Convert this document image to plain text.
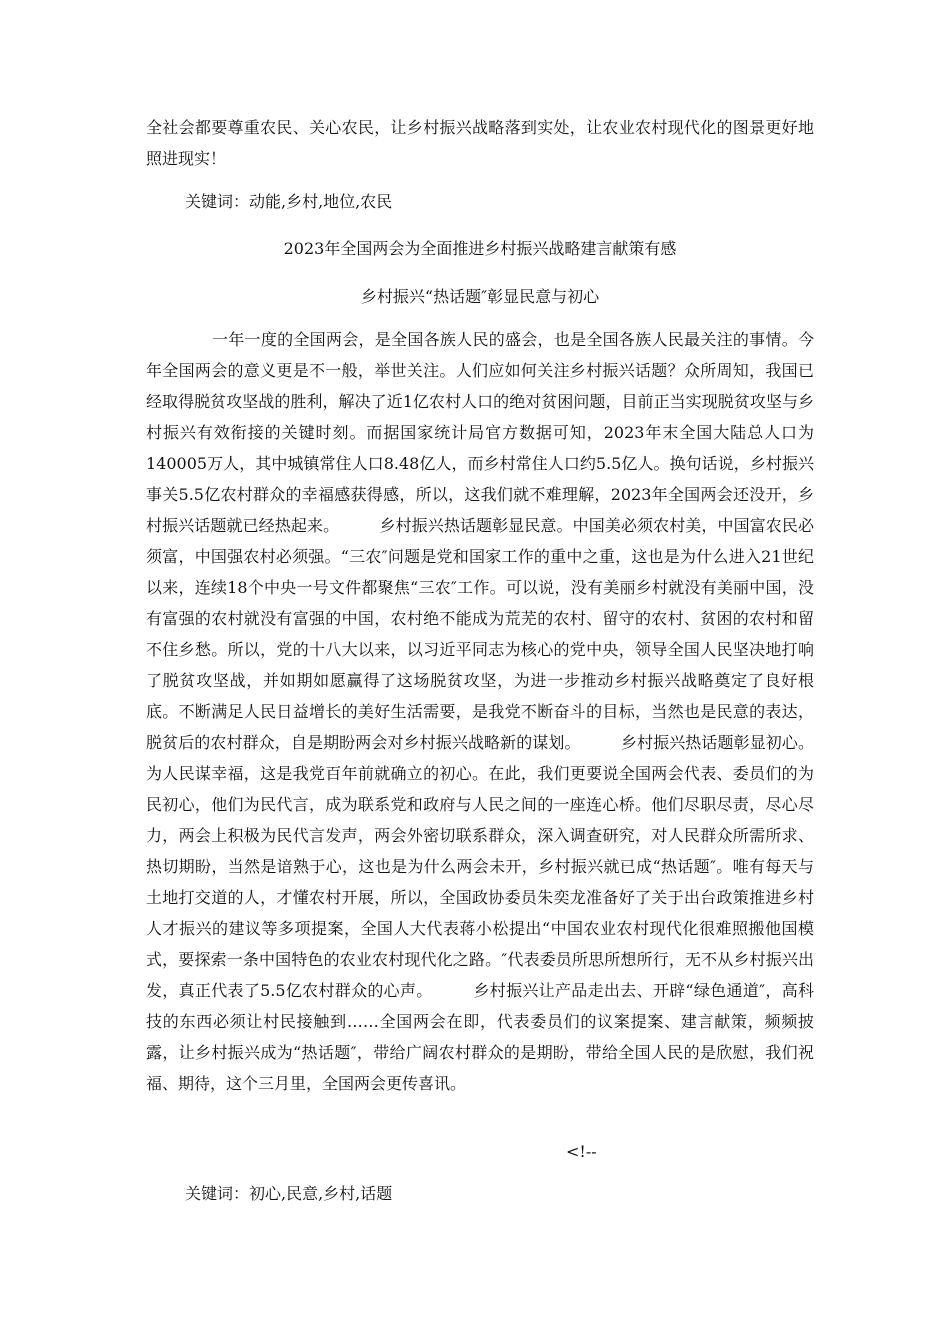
全社会都要尊重农民、关心农民，让乡村振兴战略落到实处，让农业农村现代化的图景更好地照进现实！
关键词：动能,乡村,地位,农民
2023年全国两会为全面推进乡村振兴战略建言献策有感
乡村振兴“热话题″彰显民意与初心
一年一度的全国两会，是全国各族人民的盛会，也是全国各族人民最关注的事情。今年全国两会的意义更是不一般，举世关注。人们应如何关注乡村振兴话题？众所周知，我国已经取得脱贫攻坚战的胜利，解决了近1亿农村人口的绝对贫困问题，目前正当实现脱贫攻坚与乡村振兴有效衔接的关键时刻。而据国家统计局官方数据可知，2023年末全国大陆总人口为140005万人，其中城镇常住人口8.48亿人，而乡村常住人口约5.5亿人。换句话说，乡村振兴事关5.5亿农村群众的幸福感获得感，所以，这我们就不难理解，2023年全国两会还没开，乡村振兴话题就已经热起来。　　　乡村振兴热话题彰显民意。中国美必须农村美，中国富农民必须富，中国强农村必须强。“三农″问题是党和国家工作的重中之重，这也是为什么进入21世纪以来，连续18个中央一号文件都聚焦“三农″工作。可以说，没有美丽乡村就没有美丽中国，没有富强的农村就没有富强的中国，农村绝不能成为荒芜的农村、留守的农村、贫困的农村和留不住乡愁。所以，党的十八大以来，以习近平同志为核心的党中央，领导全国人民坚决地打响了脱贫攻坚战，并如期如愿赢得了这场脱贫攻坚，为进一步推动乡村振兴战略奠定了良好根底。不断满足人民日益增长的美好生活需要，是我党不断奋斗的目标，当然也是民意的表达，脱贫后的农村群众，自是期盼两会对乡村振兴战略新的谋划。　　　乡村振兴热话题彰显初心。为人民谋幸福，这是我党百年前就确立的初心。在此，我们更要说全国两会代表、委员们的为民初心，他们为民代言，成为联系党和政府与人民之间的一座连心桥。他们尽职尽责，尽心尽力，两会上积极为民代言发声，两会外密切联系群众，深入调查研究，对人民群众所需所求、热切期盼，当然是谙熟于心，这也是为什么两会未开，乡村振兴就已成“热话题″。唯有每天与土地打交道的人，才懂农村开展，所以，全国政协委员朱奕龙准备好了关于出台政策推进乡村人才振兴的建议等多项提案，全国人大代表蒋小松提出“中国农业农村现代化很难照搬他国模式，要探索一条中国特色的农业农村现代化之路。″代表委员所思所想所行，无不从乡村振兴出发，真正代表了5.5亿农村群众的心声。　　　乡村振兴让产品走出去、开辟“绿色通道″，高科技的东西必须让村民接触到……全国两会在即，代表委员们的议案提案、建言献策，频频披露，让乡村振兴成为“热话题″，带给广阔农村群众的是期盼，带给全国人民的是欣慰，我们祝福、期待，这个三月里，全国两会更传喜讯。
<!--
关键词：初心,民意,乡村,话题
